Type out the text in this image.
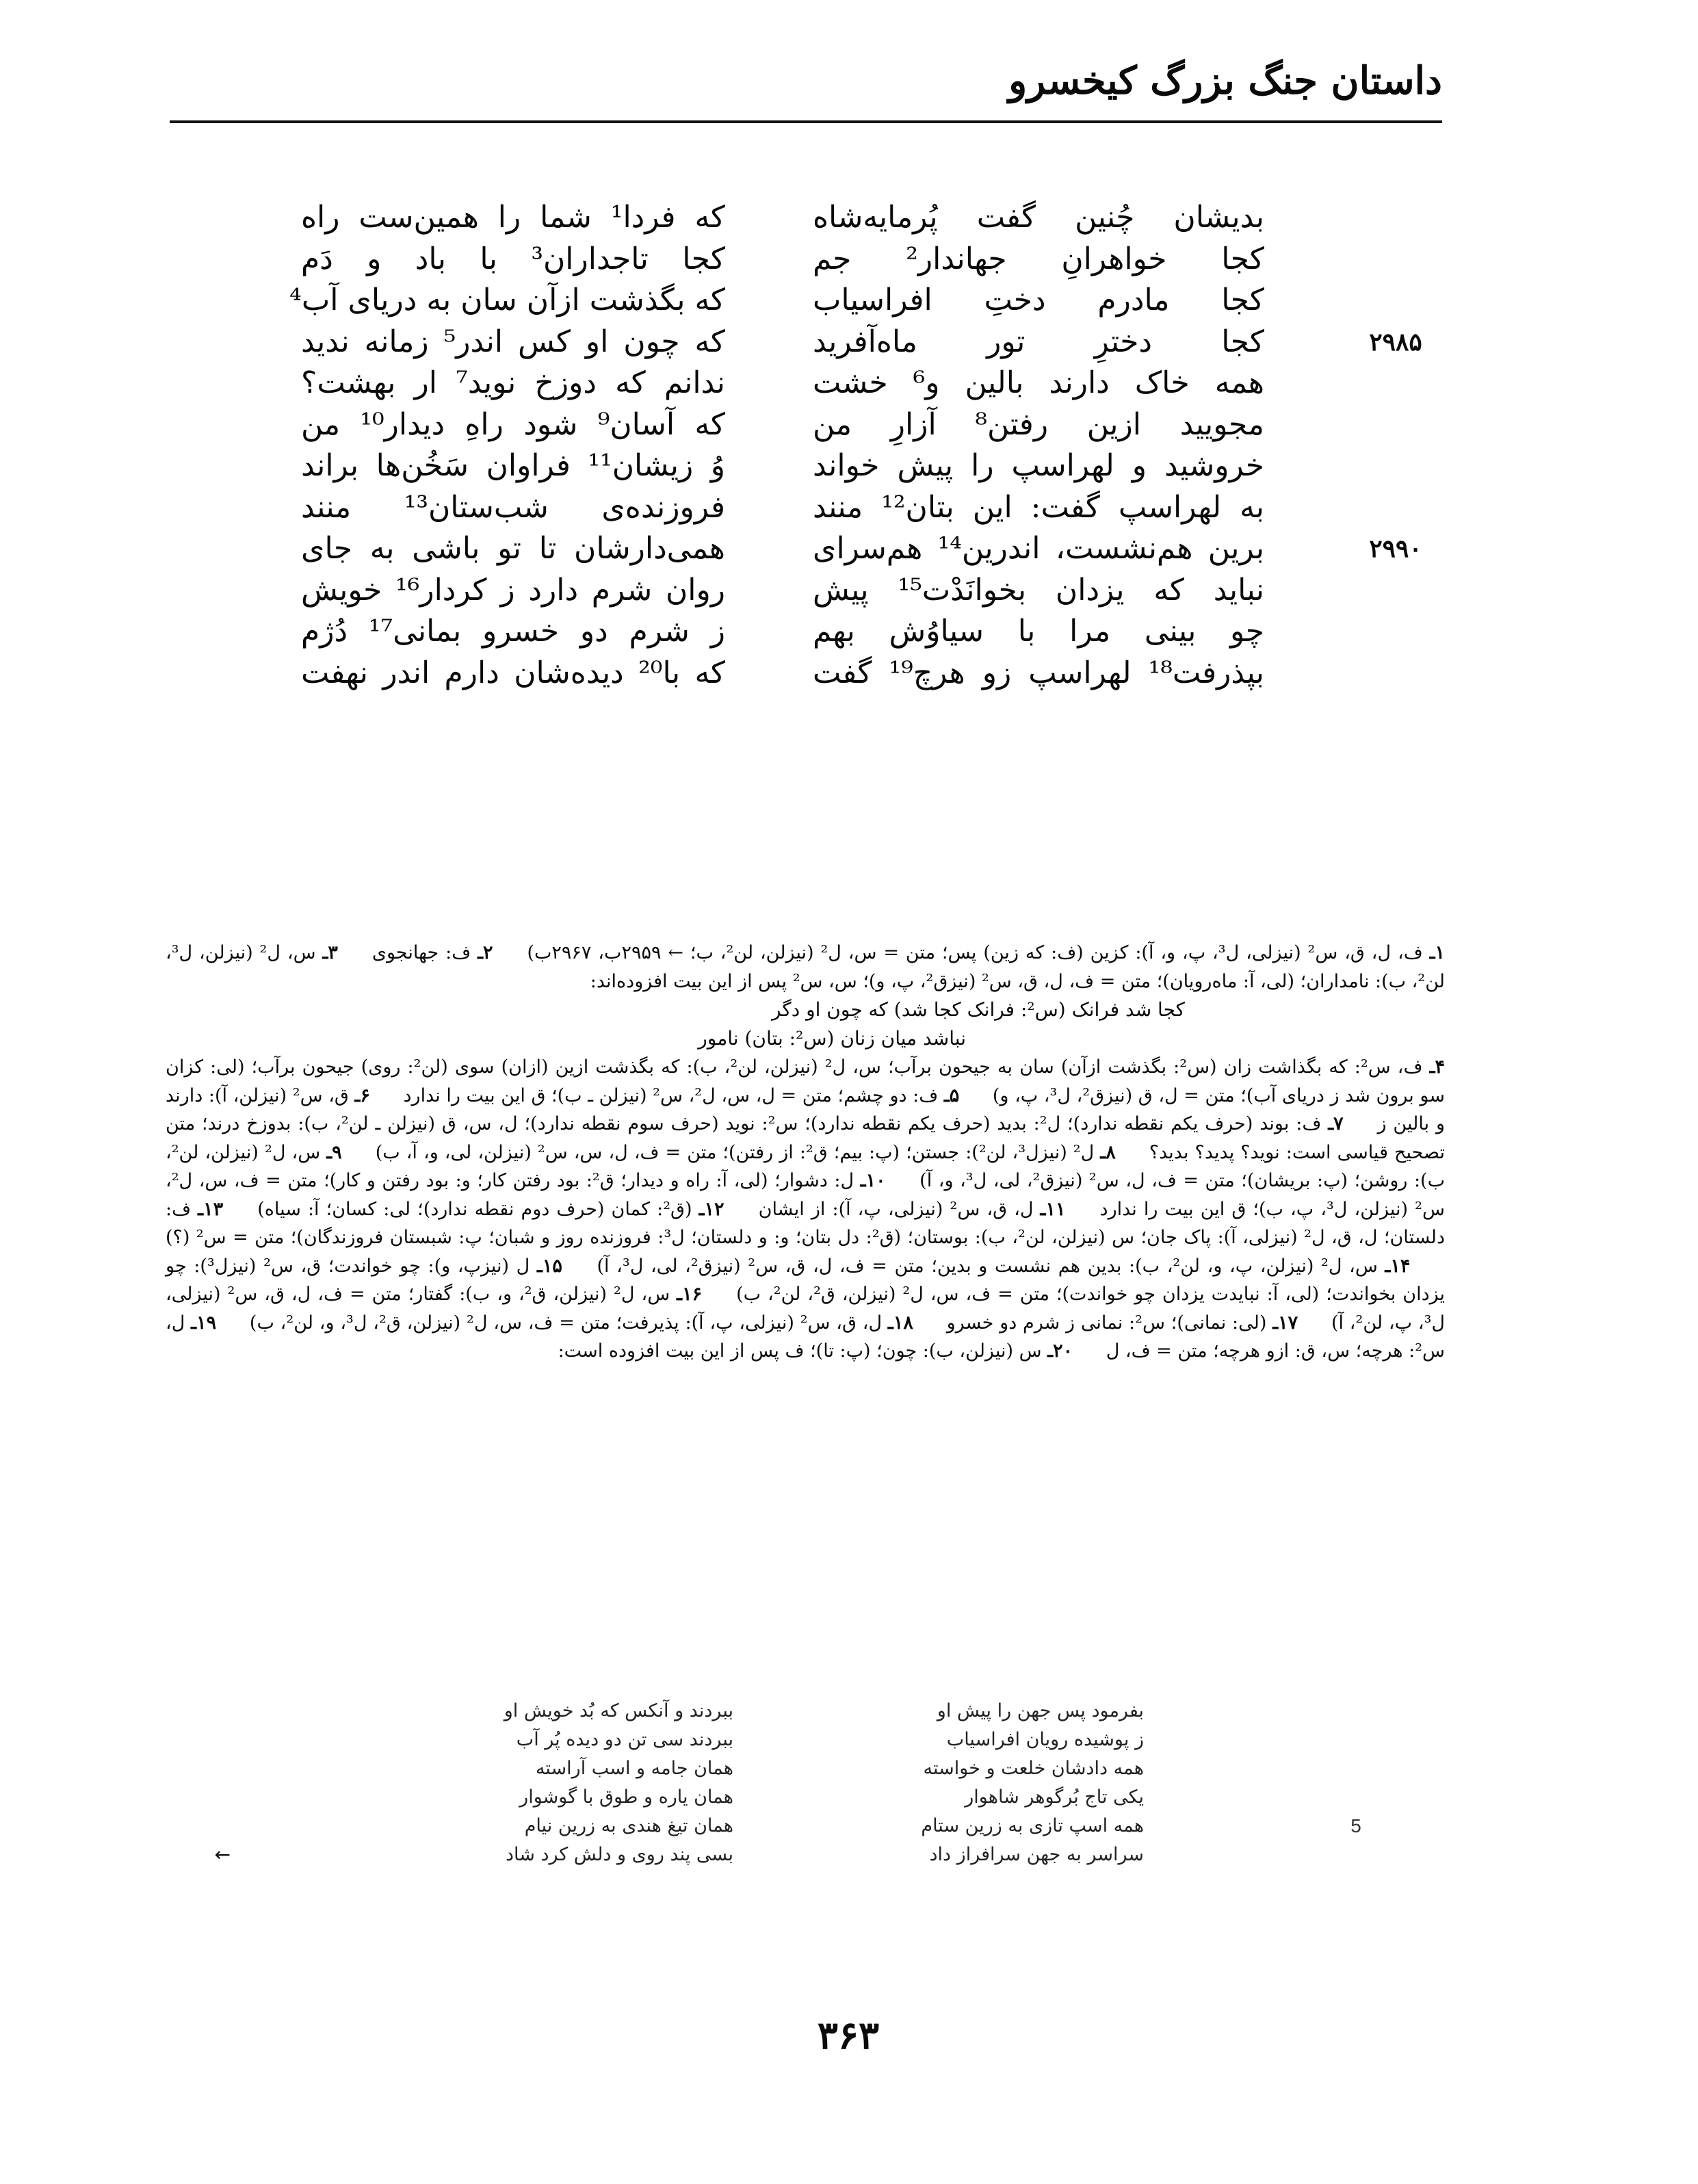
داستان جنگ بزرگ کیخسرو
بدیشان چُنین گفت پُرمایه‌شاه
که فردا¹ شما را همین‌ست راه
کجا خواهرانِ جهاندار² جم
کجا تاجداران³ با باد و دَم
کجا مادرم دختِ افراسیاب
که بگذشت ازآن سان به دریای آب⁴
۲۹۸۵
کجا دخترِ تور ماه‌آفرید
که چون او کس اندر⁵ زمانه ندید
همه خاک دارند بالین و⁶ خشت
ندانم که دوزخ نوید⁷ ار بهشت؟
مجویید ازین رفتن⁸ آزارِ من
که آسان⁹ شود راهِ دیدار¹⁰ من
خروشید و لهراسپ را پیش خواند
وُ زیشان¹¹ فراوان سَخُن‌ها براند
به لهراسپ گفت: این بتان¹² منند
فروزنده‌ی شب‌ستان¹³ منند
۲۹۹۰
برین هم‌نشست، اندرین¹⁴ هم‌سرای
همی‌دارشان تا تو باشی به جای
نباید که یزدان بخوانَدْت¹⁵ پیش
روان شرم دارد ز کردار¹⁶ خویش
چو بینی مرا با سیاوُش بهم
ز شرم دو خسرو بمانی¹⁷ دُژم
بپذرفت¹⁸ لهراسپ زو هرچ¹⁹ گفت
که با²⁰ دیده‌شان دارم اندر نهفت

۱ـ ف، ل، ق، س² (نیزلی، ل³، پ، و، آ): کزین (ف: که زین) پس؛ متن = س، ل² (نیزلن، لن²، ب؛ ← ۲۹۵۹ب، ۲۹۶۷ب) ۲ـ ف: جهانجوی ۳ـ س، ل² (نیزلن، ل³، لن²، ب): نامداران؛ (لی، آ: ماه‌رویان)؛ متن = ف، ل، ق، س² (نیزق²، پ، و)؛ س، س² پس از این بیت افزوده‌اند:

کجا شد فرانک (س²: فرانک کجا شد) که چون او دگر

نباشد میان زنان (س²: بتان) نامور

۴ـ ف، س²: که بگذاشت زان (س²: بگذشت ازآن) سان به جیحون برآب؛ س، ل² (نیزلن، لن²، ب): که بگذشت ازین (ازان) سوی (لن²: روی) جیحون برآب؛ (لی: کزان سو برون شد ز دریای آب)؛ متن = ل، ق (نیزق²، ل³، پ، و) ۵ـ ف: دو چشم؛ متن = ل، س، ل²، س² (نیزلن ـ ب)؛ ق این بیت را ندارد ۶ـ ق، س² (نیزلن، آ): دارند و بالین ز ۷ـ ف: بوند (حرف یکم نقطه ندارد)؛ ل²: بدید (حرف یکم نقطه ندارد)؛ س²: نوید (حرف سوم نقطه ندارد)؛ ل، س، ق (نیزلن ـ لن²، ب): بدوزخ درند؛ متن تصحیح قیاسی است: نوید؟ پدید؟ بدید؟ ۸ـ ل² (نیزل³، لن²): جستن؛ (پ: بیم؛ ق²: از رفتن)؛ متن = ف، ل، س، س² (نیزلن، لی، و، آ، ب) ۹ـ س، ل² (نیزلن، لن²، ب): روشن؛ (پ: بریشان)؛ متن = ف، ل، س² (نیزق²، لی، ل³، و، آ) ۱۰ـ ل: دشوار؛ (لی، آ: راه و دیدار؛ ق²: بود رفتن کار؛ و: بود رفتن و کار)؛ متن = ف، س، ل²، س² (نیزلن، ل³، پ، ب)؛ ق این بیت را ندارد ۱۱ـ ل، ق، س² (نیزلی، پ، آ): از ایشان ۱۲ـ (ق²: کمان (حرف دوم نقطه ندارد)؛ لی: کسان؛ آ: سیاه) ۱۳ـ ف: دلستان؛ ل، ق، ل² (نیزلی، آ): پاک جان؛ س (نیزلن، لن²، ب): بوستان؛ (ق²: دل بتان؛ و: و دلستان؛ ل³: فروزنده روز و شبان؛ پ: شبستان فروزندگان)؛ متن = س² (؟) ۱۴ـ س، ل² (نیزلن، پ، و، لن²، ب): بدین هم نشست و بدین؛ متن = ف، ل، ق، س² (نیزق²، لی، ل³، آ) ۱۵ـ ل (نیزپ، و): چو خواندت؛ ق، س² (نیزل³): چو یزدان بخواندت؛ (لی، آ: نبایدت یزدان چو خواندت)؛ متن = ف، س، ل² (نیزلن، ق²، لن²، ب) ۱۶ـ س، ل² (نیزلن، ق²، و، ب): گفتار؛ متن = ف، ل، ق، س² (نیزلی، ل³، پ، لن²، آ) ۱۷ـ (لی: نمانی)؛ س²: نمانی ز شرم دو خسرو ۱۸ـ ل، ق، س² (نیزلی، پ، آ): پذیرفت؛ متن = ف، س، ل² (نیزلن، ق²، ل³، و، لن²، ب) ۱۹ـ ل، س²: هرچه؛ س، ق: ازو هرچه؛ متن = ف، ل ۲۰ـ س (نیزلن، ب): چون؛ (پ: تا)؛ ف پس از این بیت افزوده است:

بفرمود پس جهن را پیش او
ببردند و آنکس که بُد خویش او
ز پوشیده رویان افراسیاب
ببردند سی تن دو دیده پُر آب
همه دادشان خلعت و خواسته
همان جامه و اسب آراسته
یکی تاج بُرگوهر شاهوار
همان یاره و طوق با گوشوار
5
همه اسپ تازی به زرین ستام
همان تیغ هندی به زرین نیام
←	سراسر به جهن سرافراز داد
بسی پند روی و دلش کرد شاد
۳۶۳
